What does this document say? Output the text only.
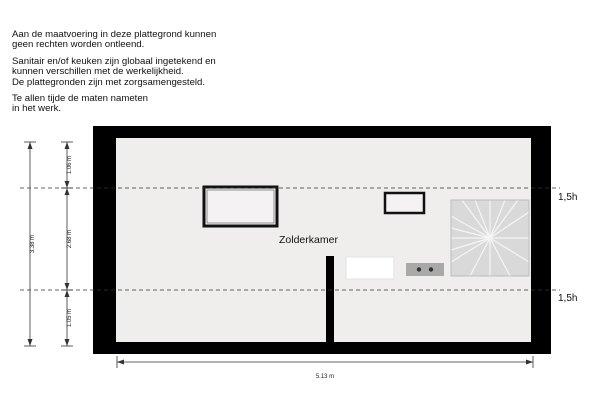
Aan de maatvoering in deze plattegrond kunnen
geen rechten worden ontleend.

Sanitair en/of keuken zijn globaal ingetekend en
kunnen verschillen met de werkelijkheid.
De plattegronden zijn met zorgsamengesteld.

Te allen tijde de maten nameten
in het werk.

3.38 m
1.06 m
2.68 m
1.05 m
5.13 m
Zolderkamer
1,5h
1,5h
